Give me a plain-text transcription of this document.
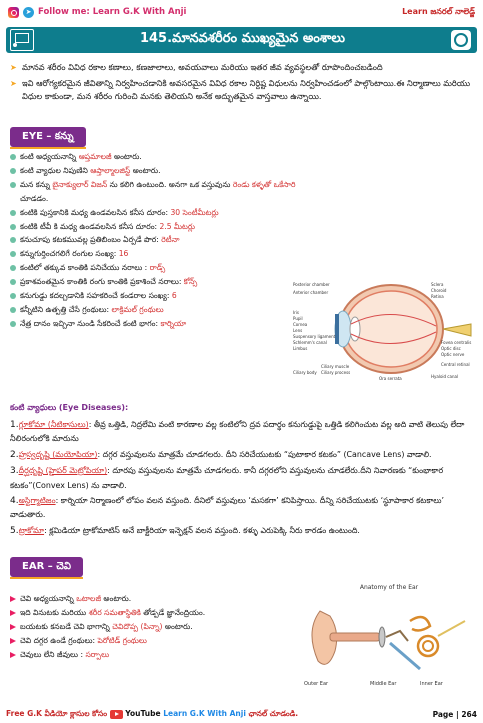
➤ Follow me: Learn G.K With Anji	Learn జనరల్ నాలెడ్జ్
145.మానవశరీరం ముఖ్యమైన అంశాలు

➤ మానవ శరీరం వివిధ రకాల కణాలు, కణజాలాలు, అవయవాలు మరియు ఇతర జీవ వ్యవస్థలతో రూపొందించబడింది

➤ ఇవి ఆరోగ్యకరమైన జీవితాన్ని నిర్వహించడానికి అవసరమైన వివిధ రకాల నిర్దిష్ట విధులను నిర్వహించడంలో పాల్గొంటాయి.ఈ నిర్మాణాలు మరియు విధుల కాకుండా, మన శరీరం గురించి మనకు తెలియని అనేక అద్భుతమైన వాస్తవాలు ఉన్నాయి.

EYE – కన్ను
కంటి అధ్యయనాన్ని ఆప్తమాలజీ అంటారు.
కంటి వ్యాధుల నిపుణిని ఆప్తాల్మాలజిస్ట్ అంటారు.
మన కన్ను బైనాక్యులార్ విజన్ ను కలిగి ఉంటుంది. అనగా ఒక వస్తువును రెండు కళ్ళతో ఒకేసారి చూడడం.
కంటికి పుస్తకానికి మధ్య ఉండవలసిన కనీస దూరం: 30 సెంటీమీటర్లు
కంటికి టీవీ కి మధ్య ఉండవలసిన కనీస దూరం: 2.5 మీటర్లు
కనుచూపు కటకమువల్ల ప్రతిబింబం ఏర్పడే పొర: రెటీనా
కన్నుగుర్తించగలిగే రంగుల సంఖ్య: 16
కంటిలో తక్కువ కాంతికి పనిచేయు నరాలు : రాడ్స్
ప్రకాశవంతమైన కాంతికి రంగు కాంతికి ప్రకాశించే నరాలు: కోన్స్
కనుగుడ్డు కదల్చడానికి సహకరించే కండరాల సంఖ్య: 6
కన్నీటిని ఉత్పత్తి చేసే గ్రంథులు: లాక్రిమల్ గ్రంథులు
నేత్ర దానం ఇచ్చినా నుండి సేకరించే కంటి భాగం: కార్నియా
Sclera
Choroid
Retina
Posterior chamber
Anterior chamber
Iris
Pupil
Cornea
Lens
Suspensory ligament
Schlemm's canal
Limbus
Ciliary body
Ciliary muscle
Ciliary process
Ora serrata
Fovea centralis
Optic disc
Optic nerve
Central retinal
Hyaloid canal
కంటి వ్యాధులు (Eye Diseases):
1.గ్లూకోమా (నీటికాసులు): తీవ్ర ఒత్తిడి, నిద్రలేమి వంటి కారణాల వల్ల కంటిలోని ద్రవ పదార్థం కనుగుడ్డుపై ఒత్తిడి కలిగించుట వల్ల అది వాటి తెలుపు లేదా నీలిరంగులోకి మారును
2.హ్రస్వదృష్టి (మయోపియా): దగ్గర వస్తువులను మాత్రమే చూడగలరు. దీని సరిచేయుటకు “పుటాకార కటకం” (Cancave Lens) వాడాలి.
3.దీర్ఘదృష్టి (హైపర్ మెట్రోపియా): దూరపు వస్తువులను మాత్రమే చూడగలరు. కానీ దగ్గరలోని వస్తువులను చూడలేరు.దీని నివారణకు “కుంభాకార కటకం”(Convex Lens) ను వాడాలి.
4.అస్టిగ్మాటిజం: కార్నియా నిర్మాణంలో లోపం వలన వస్తుంది. దీనిలో వస్తువులు ‘మసకగా’ కనిపిస్తాయి. దీన్ని సరిచేయుటకు ‘స్థూపాకార కటకాలు’ వాడుతారు.
5.ట్రాకోమా: క్లమిడియా ట్రాకోమాటిస్ అనే బాక్టీరియా ఇన్ఫెక్షన్ వలన వస్తుంది. కళ్ళు ఎరుపెక్కి నీరు కారడం ఉంటుంది.
EAR – చెవి
చెవి అధ్యయనాన్ని ఒటాలజీ అంటారు.
ఇది వినుటకు మరియు శరీర సమతాస్థితికి తోడ్పడే జ్ఞానేంద్రియం.
బయటకు కనబడే చెవి భాగాన్ని చెవిదొప్ప (పిన్నా) అంటారు.
చెవి దగ్గర ఉండే గ్రంథులు: పెరోటిడ్ గ్రంథులు
చెవులు లేని జీవులు : సర్పాలు
Anatomy of the Ear
Outer Ear	Middle Ear	Inner Ear
Free G.K వీడియో క్లాసుల కోసం YouTube Learn G.K With Anji ఛానల్ చూడండి.	Page | 264
